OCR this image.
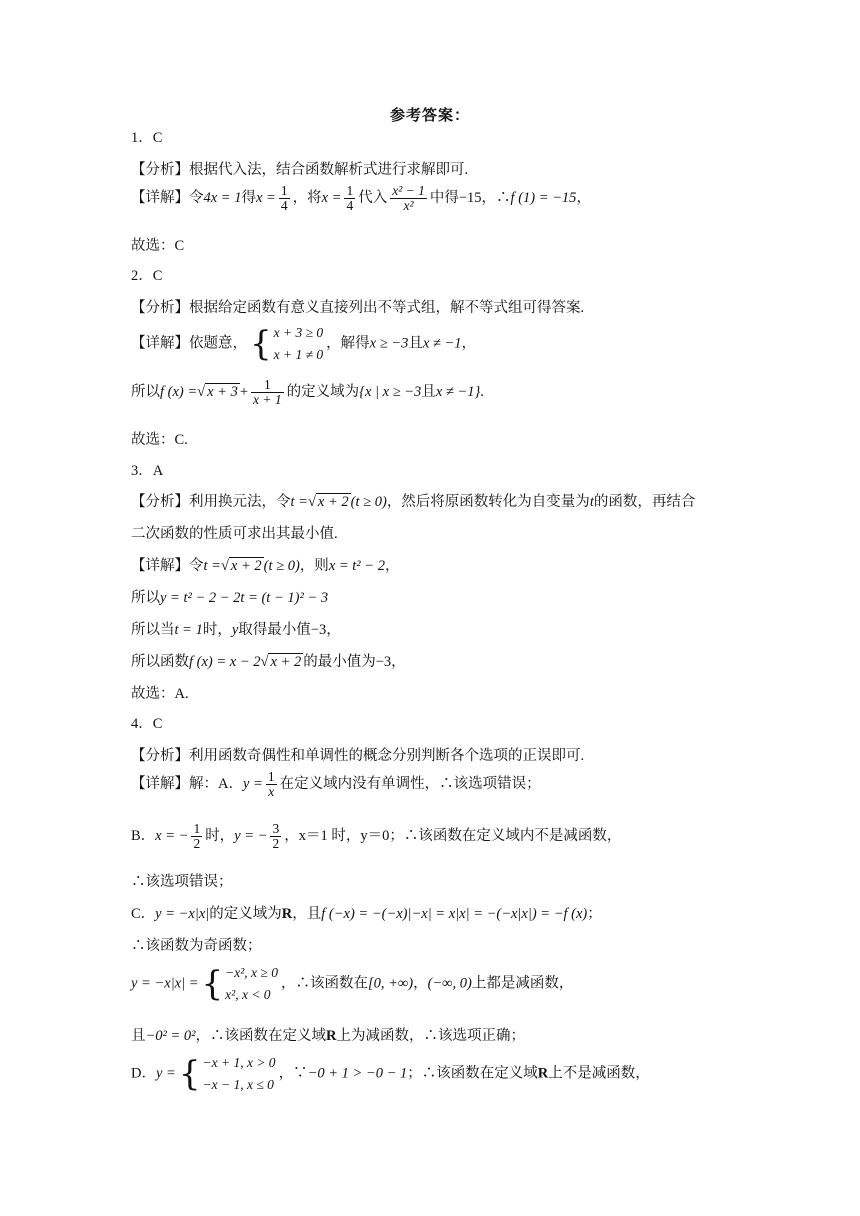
参考答案：
1．C
【分析】根据代入法，结合函数解析式进行求解即可.
【详解】令4x = 1得$x = \frac{1}{4}$ ，将$x = \frac{1}{4}$ 代入 $\frac{\text{x² − 1}}{\text{x²}}$ 中得−15，∴f (1) = −15，
故选：C
2．C
【分析】根据给定函数有意义直接列出不等式组，解不等式组可得答案.
【详解】依题意， { x + 3 ≥ 0
x + 1 ≠ 0
，解得x ≥ −3且x ≠ −1，
所以f (x) =√ $x + 3 + \frac{1}{x + 1}$ 的定义域为{x | x ≥ −3且x ≠ −1}.
故选：C.
3．A
【分析】利用换元法，令t =√ x + 2 (t ≥ 0)，然后将原函数转化为自变量为t的函数，再结合
二次函数的性质可求出其最小值.
【详解】令t =√ x + 2 (t ≥ 0)，则x = t² − 2，
所以y = t² − 2 − 2t = (t − 1)² − 3
所以当t = 1时，y取得最小值−3，
所以函数f (x) = x − 2√ x + 2 的最小值为−3，
故选：A.
4．C
【分析】利用函数奇偶性和单调性的概念分别判断各个选项的正误即可.
【详解】解：A．$y = \frac{1}{x}$ 在定义域内没有单调性，∴该选项错误；
B．x = − $\frac{1}{2}$ 时，y = − $\frac{3}{2}$ ，x＝1 时，y＝0；∴该函数在定义域内不是减函数，
∴该选项错误；
C．y = −x|x|的定义域为R，且f (−x) = −(−x)|−x| = x|x| = −(−x|x|) = −f (x)；
∴该函数为奇函数；
y = −x|x| = { −x², x ≥ 0
x², x < 0
，∴该函数在[0, +∞)，(−∞, 0)上都是减函数，
且−0² = 0²，∴该函数在定义域R上为减函数，∴该选项正确；
D．y = { −x + 1, x > 0
−x − 1, x ≤ 0
，∵−0 + 1 > −0 − 1；∴该函数在定义域R上不是减函数，
